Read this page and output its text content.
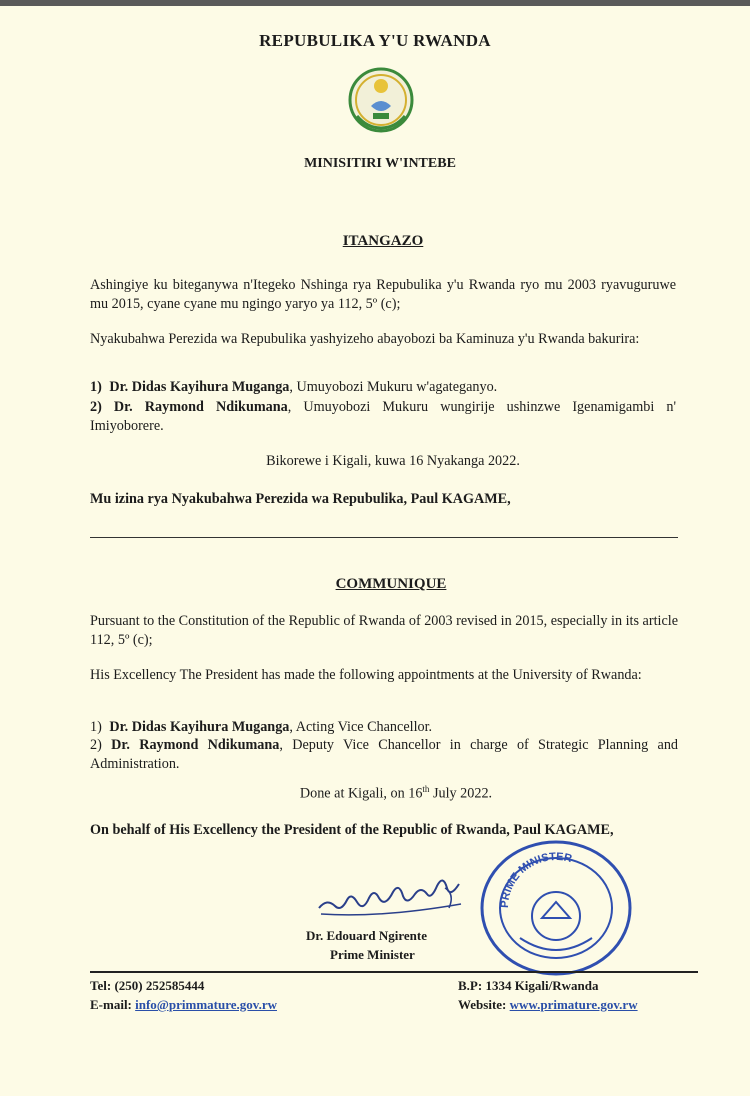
REPUBULIKA Y'U RWANDA
MINISITIRI W'INTEBE
ITANGAZO
Ashingiye ku biteganywa n'Itegeko Nshinga rya Repubulika y'u Rwanda ryo mu 2003 ryavuguruwe mu 2015, cyane cyane mu ngingo yaryo ya 112, 5º (c);
Nyakubahwa Perezida wa Repubulika yashyizeho abayobozi ba Kaminuza y'u Rwanda bakurira:
1) Dr. Didas Kayihura Muganga, Umuyobozi Mukuru w'agateganyo.
2) Dr. Raymond Ndikumana, Umuyobozi Mukuru wungirije ushinzwe Igenamigambi n' Imiyoborere.
Bikorewe i Kigali, kuwa 16 Nyakanga 2022.
Mu izina rya Nyakubahwa Perezida wa Repubulika, Paul KAGAME,
COMMUNIQUE
Pursuant to the Constitution of the Republic of Rwanda of 2003 revised in 2015, especially in its article 112, 5º (c);
His Excellency The President has made the following appointments at the University of Rwanda:
1) Dr. Didas Kayihura Muganga, Acting Vice Chancellor.
2) Dr. Raymond Ndikumana, Deputy Vice Chancellor in charge of Strategic Planning and Administration.
Done at Kigali, on 16th July 2022.
On behalf of His Excellency the President of the Republic of Rwanda, Paul KAGAME,
PRIME MINISTER
Dr. Edouard Ngirente
Prime Minister
Tel: (250) 252585444
E-mail: info@primmature.gov.rw
B.P: 1334 Kigali/Rwanda
Website: www.primature.gov.rw
